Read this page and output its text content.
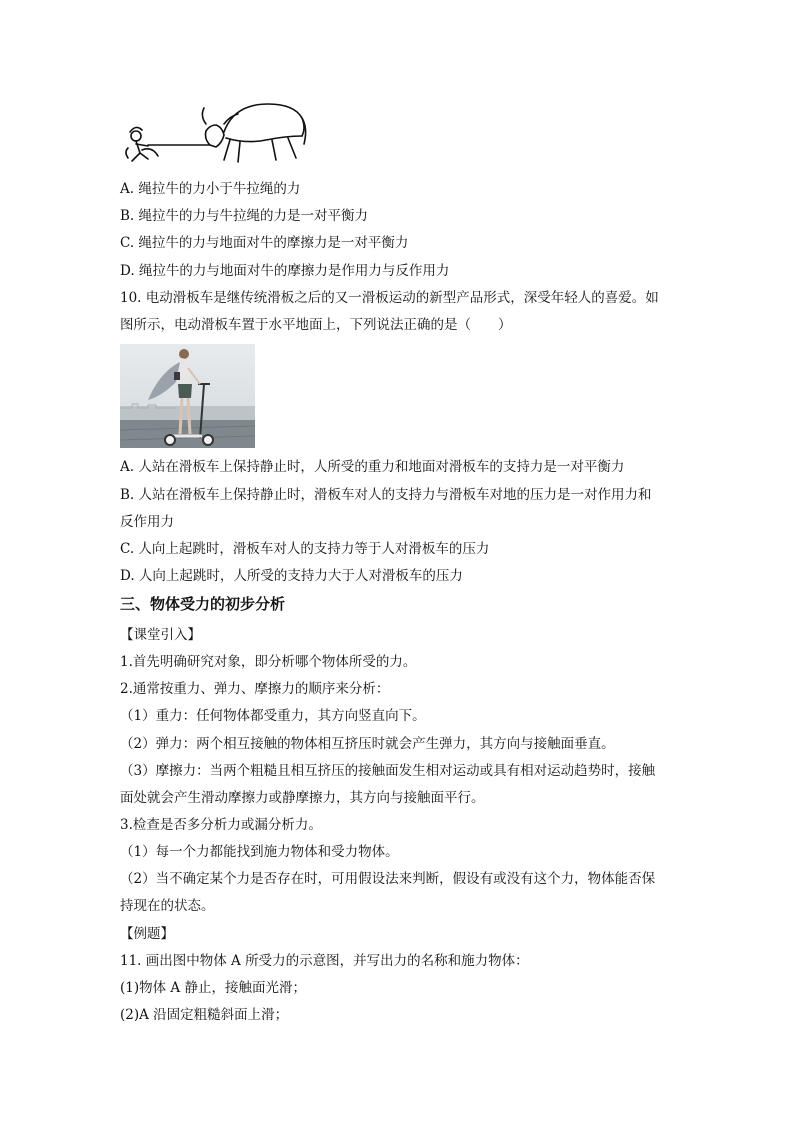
A. 绳拉牛的力小于牛拉绳的力
B. 绳拉牛的力与牛拉绳的力是一对平衡力
C. 绳拉牛的力与地面对牛的摩擦力是一对平衡力
D. 绳拉牛的力与地面对牛的摩擦力是作用力与反作用力
10. 电动滑板车是继传统滑板之后的又一滑板运动的新型产品形式，深受年轻人的喜爱。如
图所示，电动滑板车置于水平地面上，下列说法正确的是（　　）
A. 人站在滑板车上保持静止时，人所受的重力和地面对滑板车的支持力是一对平衡力
B. 人站在滑板车上保持静止时，滑板车对人的支持力与滑板车对地的压力是一对作用力和
反作用力
C. 人向上起跳时，滑板车对人的支持力等于人对滑板车的压力
D. 人向上起跳时，人所受的支持力大于人对滑板车的压力
三、物体受力的初步分析
【课堂引入】
1.首先明确研究对象，即分析哪个物体所受的力。
2.通常按重力、弹力、摩擦力的顺序来分析：
（1）重力：任何物体都受重力，其方向竖直向下。
（2）弹力：两个相互接触的物体相互挤压时就会产生弹力，其方向与接触面垂直。
（3）摩擦力：当两个粗糙且相互挤压的接触面发生相对运动或具有相对运动趋势时，接触
面处就会产生滑动摩擦力或静摩擦力，其方向与接触面平行。
3.检查是否多分析力或漏分析力。
（1）每一个力都能找到施力物体和受力物体。
（2）当不确定某个力是否存在时，可用假设法来判断，假设有或没有这个力，物体能否保
持现在的状态。
【例题】
11. 画出图中物体 A 所受力的示意图，并写出力的名称和施力物体：
(1)物体 A 静止，接触面光滑；
(2)A 沿固定粗糙斜面上滑；
